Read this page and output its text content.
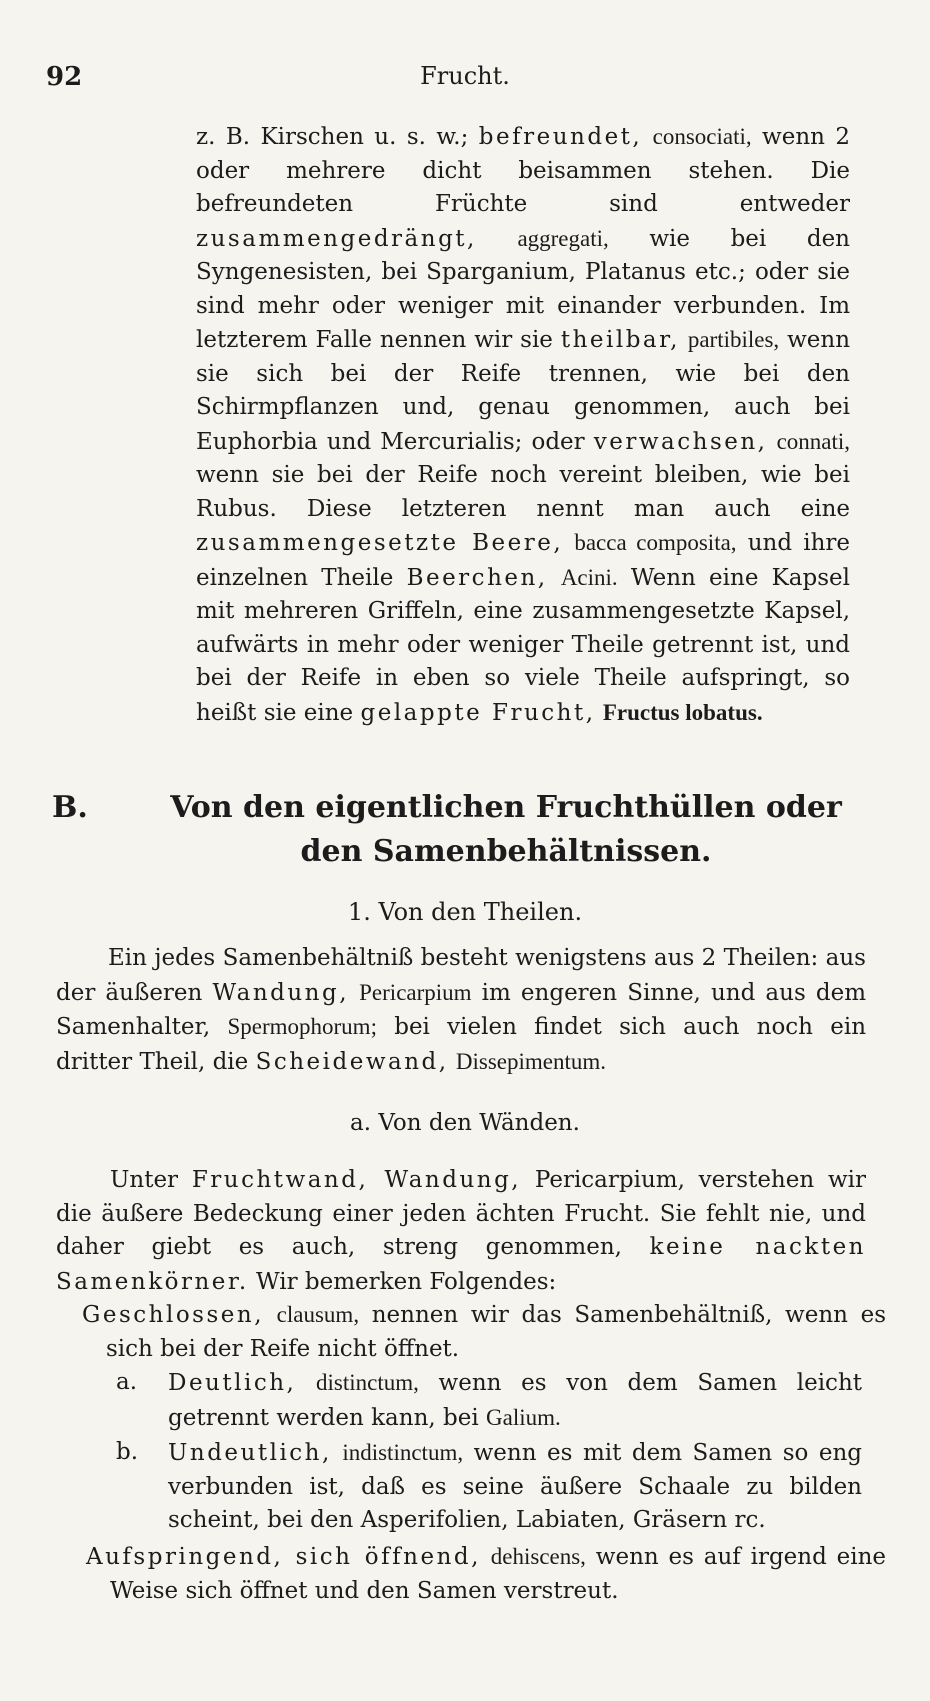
92	Frucht.

z. B. Kirschen u. s. w.; befreundet, consociati, wenn 2 oder mehrere dicht beisammen stehen. Die befreundeten Früchte sind entweder zusammengedrängt, aggregati, wie bei den Syngenesisten, bei Sparganium, Platanus etc.; oder sie sind mehr oder weniger mit einander verbunden. Im letzterem Falle nennen wir sie theilbar, partibiles, wenn sie sich bei der Reife trennen, wie bei den Schirmpflanzen und, genau genommen, auch bei Euphorbia und Mercurialis; oder verwachsen, connati, wenn sie bei der Reife noch vereint bleiben, wie bei Rubus. Diese letzteren nennt man auch eine zusammengesetzte Beere, bacca composita, und ihre einzelnen Theile Beerchen, Acini. Wenn eine Kapsel mit mehreren Griffeln, eine zusammengesetzte Kapsel, aufwärts in mehr oder weniger Theile getrennt ist, und bei der Reife in eben so viele Theile aufspringt, so heißt sie eine gelappte Frucht, Fructus lobatus.

B.	Von den eigentlichen Fruchthüllen oder den Samenbehältnissen.
1. Von den Theilen.

Ein jedes Samenbehältniß besteht wenigstens aus 2 Theilen: aus der äußeren Wandung, Pericarpium im engeren Sinne, und aus dem Samenhalter, Spermophorum; bei vielen findet sich auch noch ein dritter Theil, die Scheidewand, Dissepimentum.

a. Von den Wänden.

Unter Fruchtwand, Wandung, Pericarpium, verstehen wir die äußere Bedeckung einer jeden ächten Frucht. Sie fehlt nie, und daher giebt es auch, streng genommen, keine nackten Samenkörner. Wir bemerken Folgendes:

Geschlossen, clausum, nennen wir das Samenbehältniß, wenn es sich bei der Reife nicht öffnet.

a.	Deutlich, distinctum, wenn es von dem Samen leicht getrennt werden kann, bei Galium.

b.	Undeutlich, indistinctum, wenn es mit dem Samen so eng verbunden ist, daß es seine äußere Schaale zu bilden scheint, bei den Asperifolien, Labiaten, Gräsern rc.

Aufspringend, sich öffnend, dehiscens, wenn es auf irgend eine Weise sich öffnet und den Samen verstreut.
